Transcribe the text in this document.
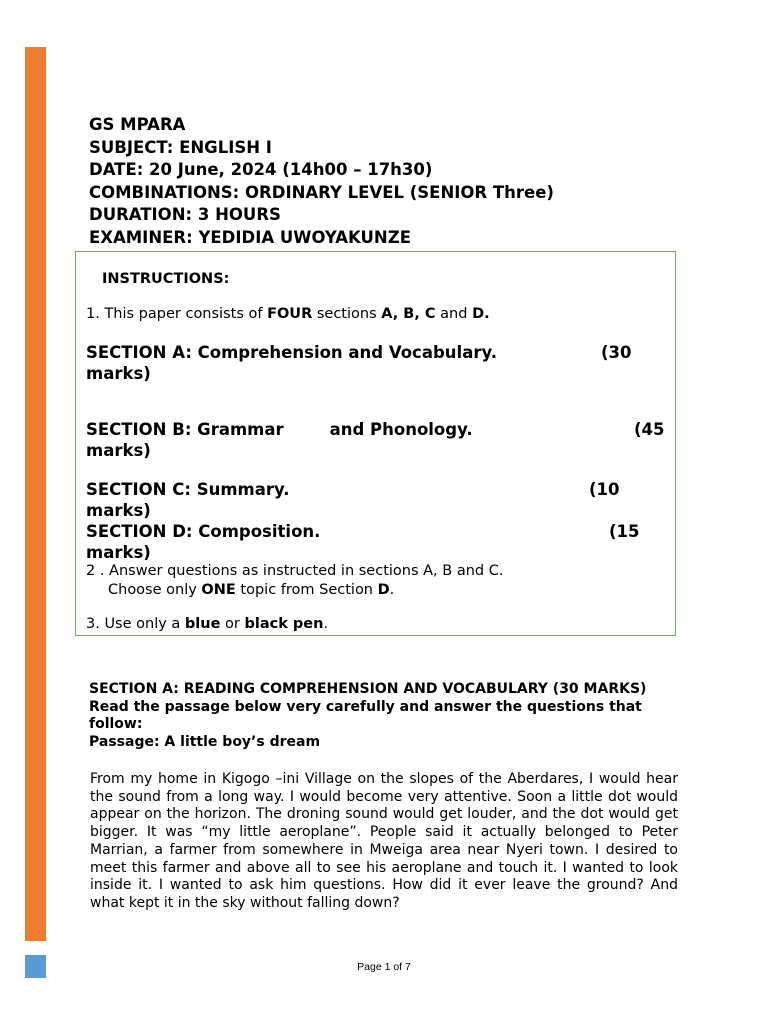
GS MPARA
SUBJECT: ENGLISH I
DATE: 20 June, 2024 (14h00 – 17h30)
COMBINATIONS: ORDINARY LEVEL (SENIOR Three)
DURATION: 3 HOURS
EXAMINER: YEDIDIA UWOYAKUNZE
INSTRUCTIONS:
1. This paper consists of FOUR sections A, B, C and D.
SECTION A: Comprehension and Vocabulary.	(30
marks)
SECTION B: Grammar        and Phonology.	(45
marks)
SECTION C: Summary.	(10
marks)
SECTION D: Composition.	(15
marks)
2 . Answer questions as instructed in sections A, B and C.
Choose only ONE topic from Section D.
3. Use only a blue or black pen.
SECTION A: READING COMPREHENSION AND VOCABULARY (30 MARKS)
Read the passage below very carefully and answer the questions that follow:
Passage: A little boy’s dream
From my home in Kigogo –ini Village on the slopes of the Aberdares, I would hear the sound from a long way. I would become very attentive. Soon a little dot would appear on the horizon. The droning sound would get louder, and the dot would get bigger. It was “my little aeroplane”. People said it actually belonged to Peter Marrian, a farmer from somewhere in Mweiga area near Nyeri town. I desired to meet this farmer and above all to see his aeroplane and touch it. I wanted to look inside it. I wanted to ask him questions. How did it ever leave the ground? And what kept it in the sky without falling down?
Page 1 of 7
